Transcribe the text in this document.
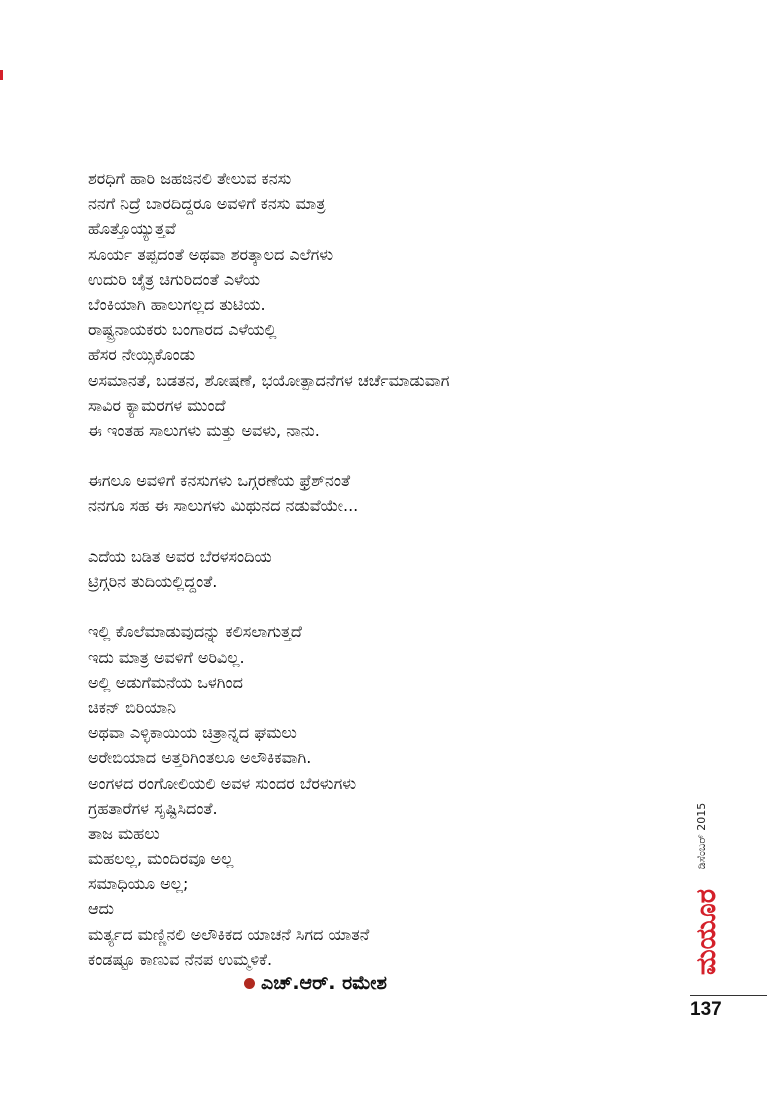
ಶರಧಿಗೆ ಹಾರಿ ಜಹಜಿನಲಿ ತೇಲುವ ಕನಸು
ನನಗೆ ನಿದ್ರೆ ಬಾರದಿದ್ದರೂ ಅವಳಿಗೆ ಕನಸು ಮಾತ್ರ
ಹೊತ್ತೊಯ್ಯುತ್ತವೆ
ಸೂರ್ಯ ತಪ್ಪದಂತೆ ಅಥವಾ ಶರತ್ಕಾಲದ ಎಲೆಗಳು
ಉದುರಿ ಚೈತ್ರ ಚಿಗುರಿದಂತೆ ಎಳೆಯ
ಬೆಂಕಿಯಾಗಿ ಹಾಲುಗಲ್ಲದ ತುಟಿಯ.
ರಾಷ್ಟ್ರನಾಯಕರು ಬಂಗಾರದ ಎಳೆಯಲ್ಲಿ
ಹೆಸರ ನೇಯ್ಸಿಕೊಂಡು
ಅಸಮಾನತೆ, ಬಡತನ, ಶೋಷಣೆ, ಭಯೋತ್ಪಾದನೆಗಳ ಚರ್ಚೆಮಾಡುವಾಗ
ಸಾವಿರ ಕ್ಯಾಮರಗಳ ಮುಂದೆ
ಈ ಇಂತಹ ಸಾಲುಗಳು ಮತ್ತು ಅವಳು, ನಾನು.
ಈಗಲೂ ಅವಳಿಗೆ ಕನಸುಗಳು ಒಗ್ಗರಣೆಯ ಫ್ರೆಶ್‌ನಂತೆ
ನನಗೂ ಸಹ ಈ ಸಾಲುಗಳು ಮಿಥುನದ ನಡುವೆಯೇ...
ಎದೆಯ ಬಡಿತ ಅವರ ಬೆರಳಸಂದಿಯ
ಟ್ರಿಗ್ಗರಿನ ತುದಿಯಲ್ಲಿದ್ದಂತೆ.
ಇಲ್ಲಿ ಕೊಲೆಮಾಡುವುದನ್ನು ಕಲಿಸಲಾಗುತ್ತದೆ
ಇದು ಮಾತ್ರ ಅವಳಿಗೆ ಅರಿವಿಲ್ಲ.
ಅಲ್ಲಿ ಅಡುಗೆಮನೆಯ ಒಳಗಿಂದ
ಚಿಕನ್ ಬಿರಿಯಾನಿ
ಅಥವಾ ಎಳ್ಳಿಕಾಯಿಯ ಚಿತ್ರಾನ್ನದ ಘಮಲು
ಅರೇಬಿಯಾದ ಅತ್ತರಿಗಿಂತಲೂ ಅಲೌಕಿಕವಾಗಿ.
ಅಂಗಳದ ರಂಗೋಲಿಯಲಿ ಅವಳ ಸುಂದರ ಬೆರಳುಗಳು
ಗ್ರಹತಾರೆಗಳ ಸೃಷ್ಟಿಸಿದಂತೆ.
ತಾಜ ಮಹಲು
ಮಹಲಲ್ಲ, ಮಂದಿರವೂ ಅಲ್ಲ
ಸಮಾಧಿಯೂ ಅಲ್ಲ;
ಆದು
ಮರ್ತ್ಯದ ಮಣ್ಣಿನಲಿ ಅಲೌಕಿಕದ ಯಾಚನೆ ಸಿಗದ ಯಾತನೆ
ಕಂಡಷ್ಟೂ ಕಾಣುವ ನೆನಪ ಉಮ್ಮಳಿಕೆ.
ಎಚ್.ಆರ್. ರಮೇಶ
ಮಯೂರ
ಡಿಸೆಂಬರ್ 2015
137
